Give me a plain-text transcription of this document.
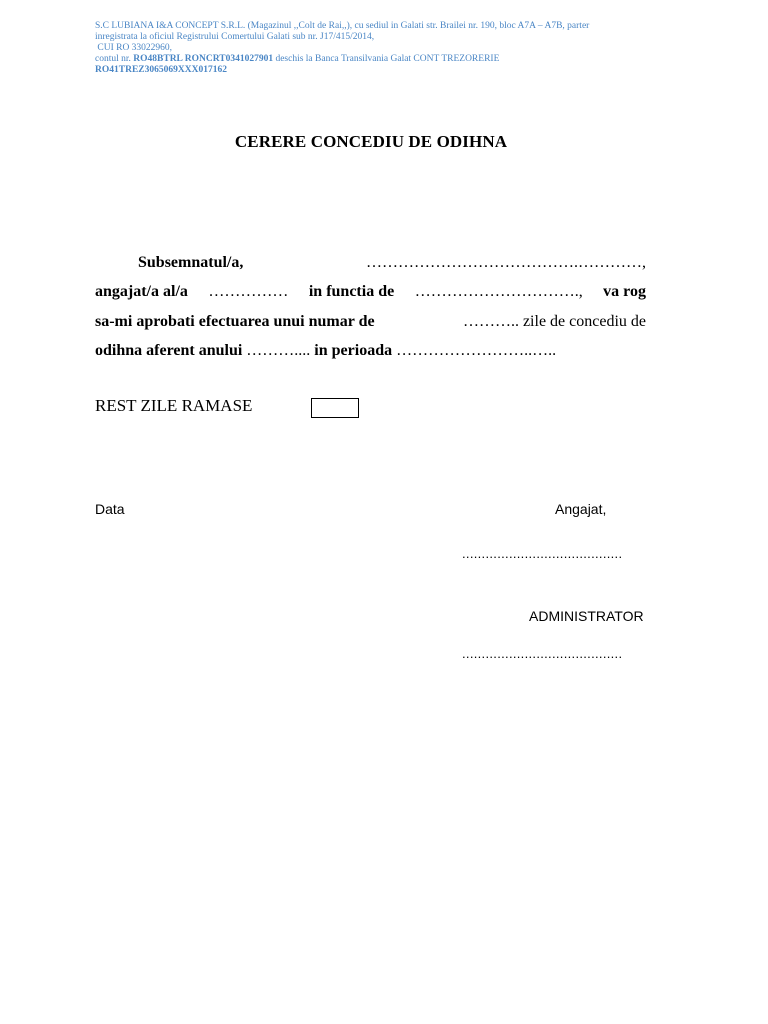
S.C LUBIANA I&A CONCEPT S.R.L. (Magazinul ,,Colt de Rai,,), cu sediul in Galati str. Brailei nr. 190, bloc A7A – A7B, parter
inregistrata la oficiul Registrului Comertului Galati sub nr. J17/415/2014,
CUI RO 33022960,
contul nr. RO48BTRL RONCRT0341027901 deschis la Banca Transilvania Galat CONT TREZORERIE
RO41TREZ3065069XXX017162
CERERE CONCEDIU DE ODIHNA
Subsemnatul/a,	………………………………….…………,
angajat/a al/a …………… in functia de …………………………., va rog
sa-mi aprobati efectuarea unui numar de	……….. zile de concediu de
odihna aferent anului
………....
in perioada
……………………..…..
REST ZILE RAMASE
Data	Angajat,
.........................................
ADMINISTRATOR
.........................................
